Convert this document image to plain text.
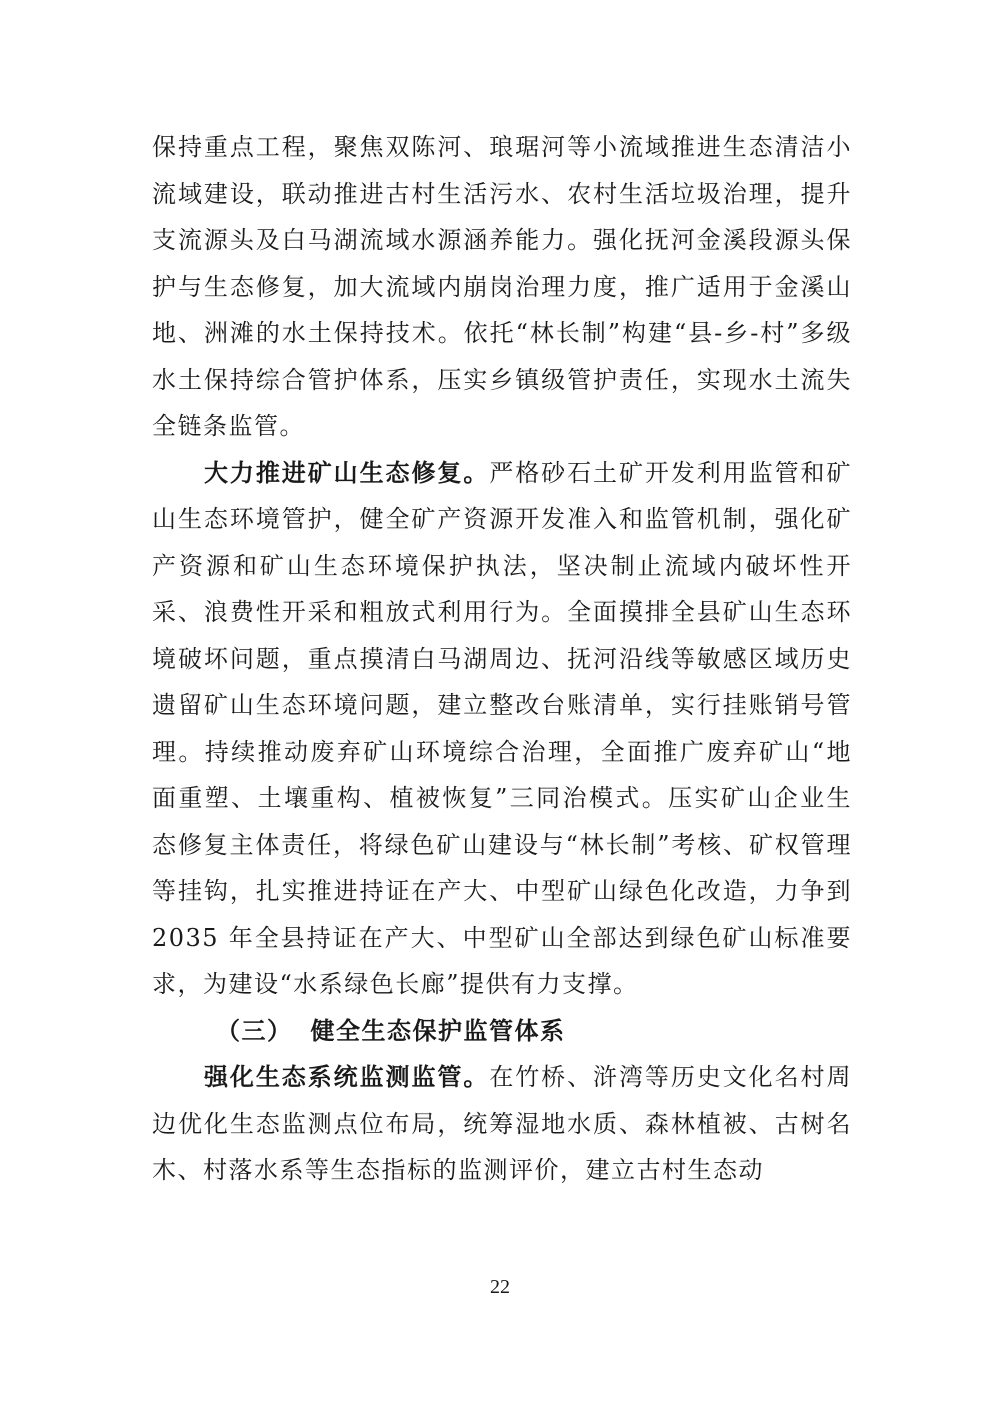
保持重点工程，聚焦双陈河、琅琚河等小流域推进生态清洁小流域建设，联动推进古村生活污水、农村生活垃圾治理，提升支流源头及白马湖流域水源涵养能力。强化抚河金溪段源头保护与生态修复，加大流域内崩岗治理力度，推广适用于金溪山地、洲滩的水土保持技术。依托“林长制”构建“县-乡-村”多级水土保持综合管护体系，压实乡镇级管护责任，实现水土流失全链条监管。

大力推进矿山生态修复。严格砂石土矿开发利用监管和矿山生态环境管护，健全矿产资源开发准入和监管机制，强化矿产资源和矿山生态环境保护执法，坚决制止流域内破坏性开采、浪费性开采和粗放式利用行为。全面摸排全县矿山生态环境破坏问题，重点摸清白马湖周边、抚河沿线等敏感区域历史遗留矿山生态环境问题，建立整改台账清单，实行挂账销号管理。持续推动废弃矿山环境综合治理，全面推广废弃矿山“地面重塑、土壤重构、植被恢复”三同治模式。压实矿山企业生态修复主体责任，将绿色矿山建设与“林长制”考核、矿权管理等挂钩，扎实推进持证在产大、中型矿山绿色化改造，力争到 2035 年全县持证在产大、中型矿山全部达到绿色矿山标准要求，为建设“水系绿色长廊”提供有力支撑。

（三） 健全生态保护监管体系

强化生态系统监测监管。在竹桥、浒湾等历史文化名村周边优化生态监测点位布局，统筹湿地水质、森林植被、古树名木、村落水系等生态指标的监测评价，建立古村生态动

22
